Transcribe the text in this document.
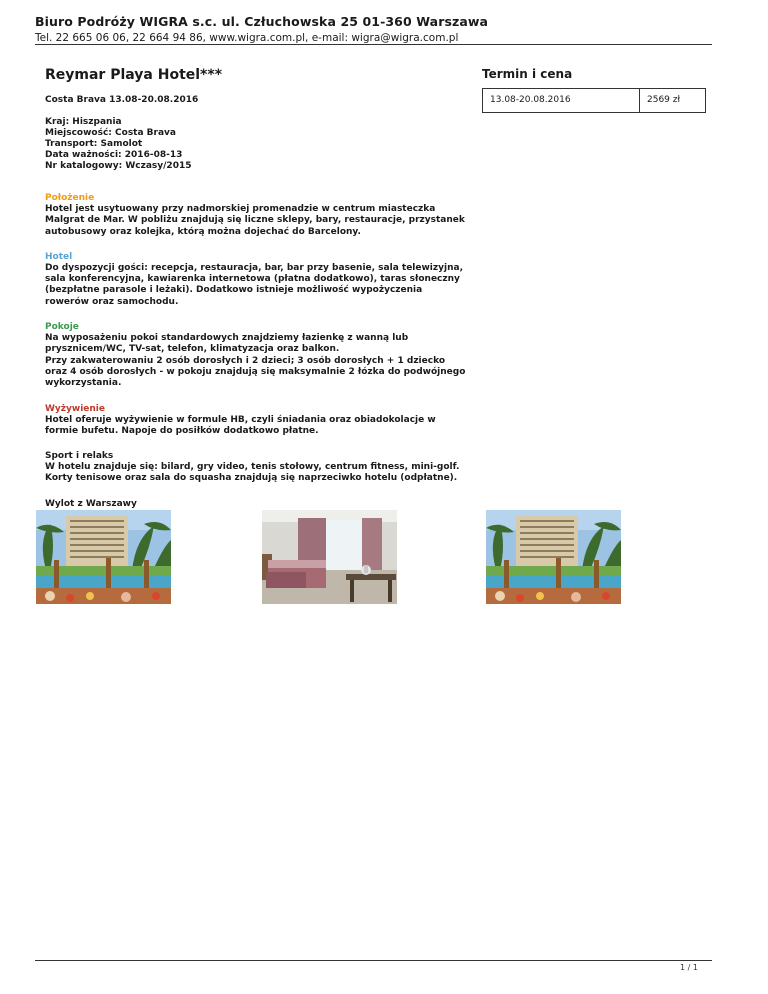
Biuro Podróży WIGRA s.c. ul. Człuchowska 25 01-360 Warszawa
Tel. 22 665 06 06, 22 664 94 86, www.wigra.com.pl, e-mail: wigra@wigra.com.pl
Reymar Playa Hotel***
Costa Brava 13.08-20.08.2016
Kraj: Hiszpania
Miejscowość: Costa Brava
Transport: Samolot
Data ważności: 2016-08-13
Nr katalogowy: Wczasy/2015
Położenie
Hotel jest usytuowany przy nadmorskiej promenadzie w centrum miasteczka
Malgrat de Mar. W pobliżu znajdują się liczne sklepy, bary, restauracje, przystanek
autobusowy oraz kolejka, którą można dojechać do Barcelony.
Hotel
Do dyspozycji gości: recepcja, restauracja, bar, bar przy basenie, sala telewizyjna,
sala konferencyjna, kawiarenka internetowa (płatna dodatkowo), taras słoneczny
(bezpłatne parasole i leżaki). Dodatkowo istnieje możliwość wypożyczenia
rowerów oraz samochodu.
Pokoje
Na wyposażeniu pokoi standardowych znajdziemy łazienkę z wanną lub
prysznicem/WC, TV-sat, telefon, klimatyzacja oraz balkon.
Przy zakwaterowaniu 2 osób dorosłych i 2 dzieci; 3 osób dorosłych + 1 dziecko
oraz 4 osób dorosłych - w pokoju znajdują się maksymalnie 2 łózka do podwójnego
wykorzystania.
Wyżywienie
Hotel oferuje wyżywienie w formule HB, czyli śniadania oraz obiadokolacje w
formie bufetu. Napoje do posiłków dodatkowo płatne.
Sport i relaks
W hotelu znajduje się: bilard, gry video, tenis stołowy, centrum fitness, mini-golf.
Korty tenisowe oraz sala do squasha znajdują się naprzeciwko hotelu (odpłatne).
Wylot z Warszawy
Termin i cena
13.08-20.08.2016	2569 zł
1 / 1
